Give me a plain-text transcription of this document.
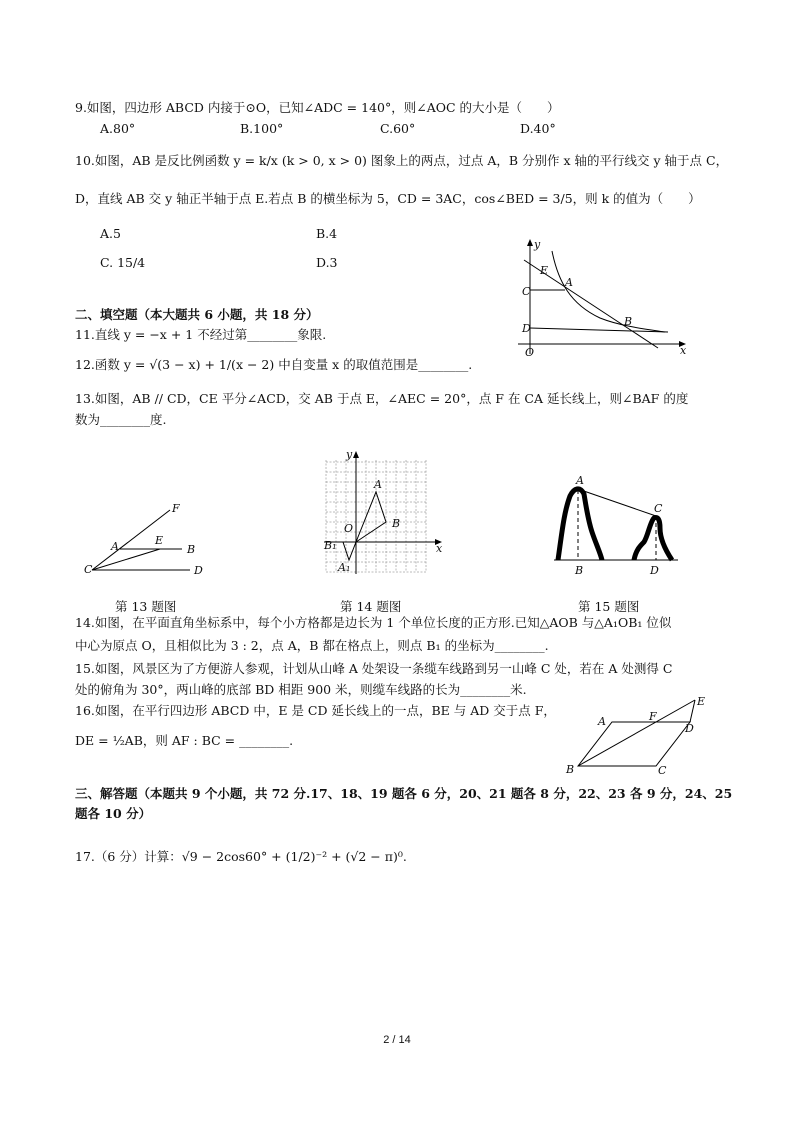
9.如图，四边形 ABCD 内接于⊙O，已知∠ADC = 140°，则∠AOC 的大小是（　　）
A.80°	B.100°	C.60°	D.40°
10.如图，AB 是反比例函数 y = k/x (k > 0, x > 0) 图象上的两点，过点 A，B 分别作 x 轴的平行线交 y 轴于点 C，
D，直线 AB 交 y 轴正半轴于点 E.若点 B 的横坐标为 5，CD = 3AC，cos∠BED = 3/5，则 k 的值为（　　）
A.5	B.4
C. 15/4	D.3
y
E
A
C
D
B
O	x
二、填空题（本大题共 6 小题，共 18 分）
11.直线 y = −x + 1 不经过第________象限.
12.函数 y = √(3 − x) + 1/(x − 2) 中自变量 x 的取值范围是________.
13.如图，AB // CD，CE 平分∠ACD，交 AB 于点 E，∠AEC = 20°，点 F 在 CA 延长线上，则∠BAF 的度
数为________度.
F
A	E
B
C	D
第 13 题图
y
A
B
O
B₁
A₁
x
第 14 题图
A
C
B	D
第 15 题图
14.如图，在平面直角坐标系中，每个小方格都是边长为 1 个单位长度的正方形.已知△AOB 与△A₁OB₁ 位似
中心为原点 O，且相似比为 3 : 2，点 A，B 都在格点上，则点 B₁ 的坐标为________.
15.如图，风景区为了方便游人参观，计划从山峰 A 处架设一条缆车线路到另一山峰 C 处，若在 A 处测得 C
处的俯角为 30°，两山峰的底部 BD 相距 900 米，则缆车线路的长为________米.
16.如图，在平行四边形 ABCD 中，E 是 CD 延长线上的一点，BE 与 AD 交于点 F，
DE = ½AB，则 AF : BC = ________.
A	F
E
D
B	C
三、解答题（本题共 9 个小题，共 72 分.17、18、19 题各 6 分，20、21 题各 8 分，22、23 各 9 分，24、25
题各 10 分）
17.（6 分）计算：√9 − 2cos60° + (1/2)⁻² + (√2 − π)⁰.
2 / 14
